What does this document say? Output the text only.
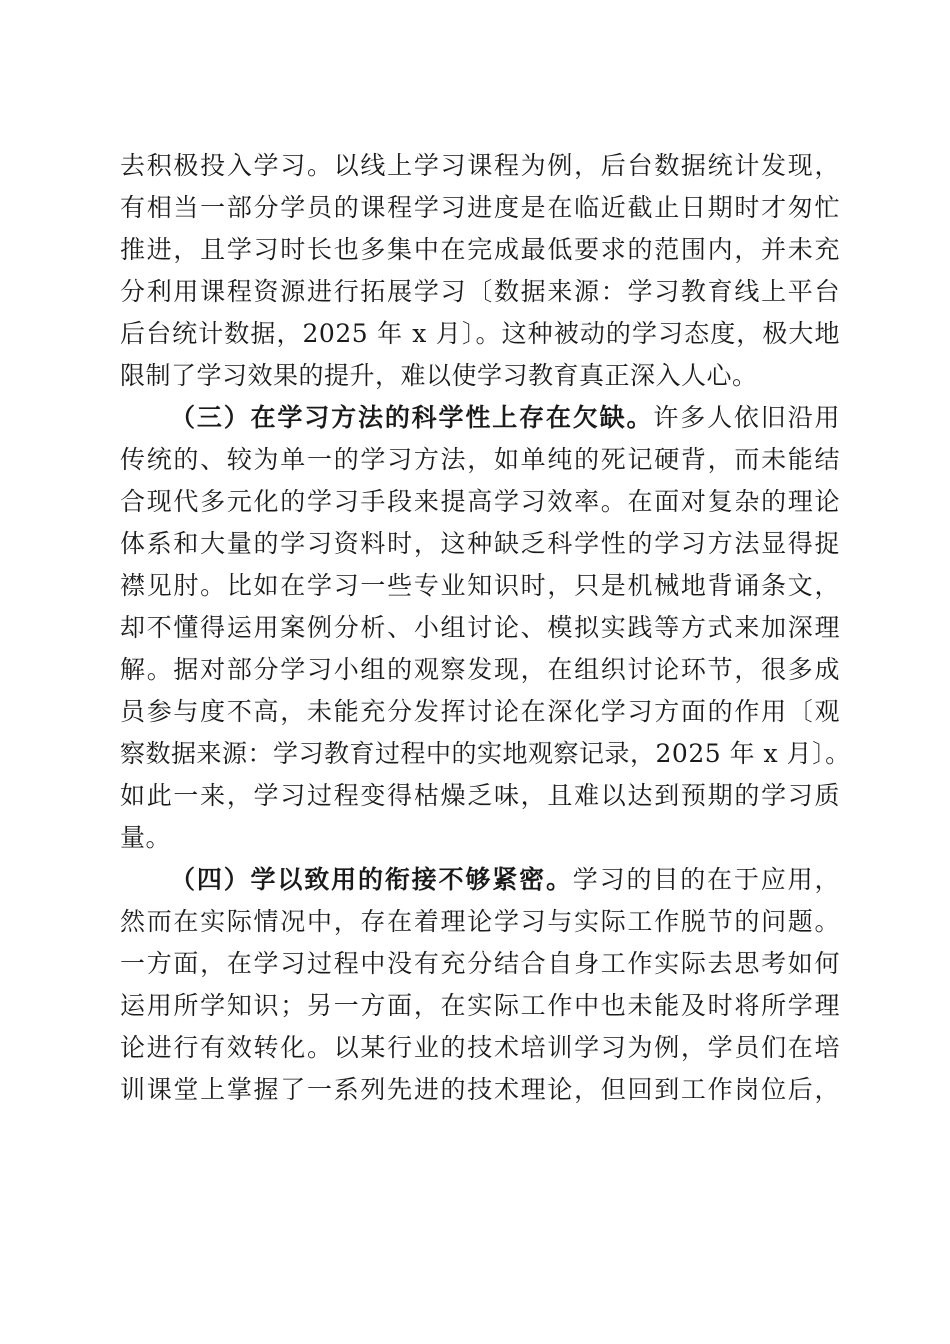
去积极投入学习。以线上学习课程为例，后台数据统计发现，
有相当一部分学员的课程学习进度是在临近截止日期时才匆忙
推进，且学习时长也多集中在完成最低要求的范围内，并未充
分利用课程资源进行拓展学习〔数据来源：学习教育线上平台
后台统计数据，2025 年 x 月〕。这种被动的学习态度，极大地
限制了学习效果的提升，难以使学习教育真正深入人心。
（三）在学习方法的科学性上存在欠缺。许多人依旧沿用
传统的、较为单一的学习方法，如单纯的死记硬背，而未能结
合现代多元化的学习手段来提高学习效率。在面对复杂的理论
体系和大量的学习资料时，这种缺乏科学性的学习方法显得捉
襟见肘。比如在学习一些专业知识时，只是机械地背诵条文，
却不懂得运用案例分析、小组讨论、模拟实践等方式来加深理
解。据对部分学习小组的观察发现，在组织讨论环节，很多成
员参与度不高，未能充分发挥讨论在深化学习方面的作用〔观
察数据来源：学习教育过程中的实地观察记录，2025 年 x 月〕。
如此一来，学习过程变得枯燥乏味，且难以达到预期的学习质
量。
（四）学以致用的衔接不够紧密。学习的目的在于应用，
然而在实际情况中，存在着理论学习与实际工作脱节的问题。
一方面，在学习过程中没有充分结合自身工作实际去思考如何
运用所学知识；另一方面，在实际工作中也未能及时将所学理
论进行有效转化。以某行业的技术培训学习为例，学员们在培
训课堂上掌握了一系列先进的技术理论，但回到工作岗位后，
